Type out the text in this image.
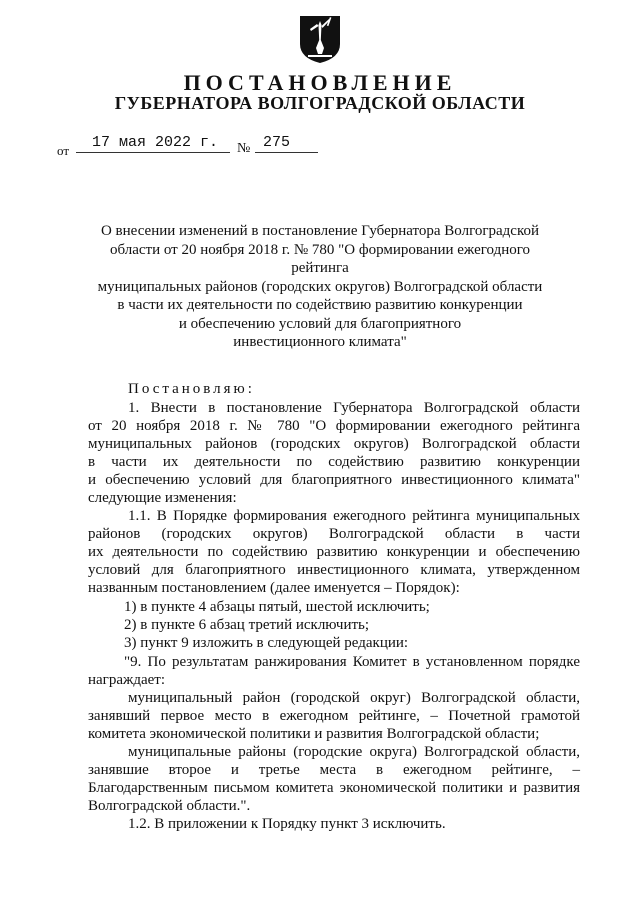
ПОСТАНОВЛЕНИЕ
ГУБЕРНАТОРА ВОЛГОГРАДСКОЙ ОБЛАСТИ
от	17 мая 2022 г.	№ 275
О внесении изменений в постановление Губернатора Волгоградской
области от 20 ноября 2018 г. № 780 "О формировании ежегодного рейтинга
муниципальных районов (городских округов) Волгоградской области
в части их деятельности по содействию развитию конкуренции
и обеспечению условий для благоприятного
инвестиционного климата"
Постановляю:
1. Внести в постановление Губернатора Волгоградской области
от 20 ноября 2018 г. № 780 "О формировании ежегодного рейтинга
муниципальных районов (городских округов) Волгоградской области
в части их деятельности по содействию развитию конкуренции
и обеспечению условий для благоприятного инвестиционного климата"
следующие изменения:
1.1. В Порядке формирования ежегодного рейтинга муниципальных
районов (городских округов) Волгоградской области в части
их деятельности по содействию развитию конкуренции и обеспечению
условий для благоприятного инвестиционного климата, утвержденном
названным постановлением (далее именуется – Порядок):
1) в пункте 4 абзацы пятый, шестой исключить;
2) в пункте 6 абзац третий исключить;
3) пункт 9 изложить в следующей редакции:
"9. По результатам ранжирования Комитет в установленном порядке
награждает:
муниципальный район (городской округ) Волгоградской области,
занявший первое место в ежегодном рейтинге, – Почетной грамотой
комитета экономической политики и развития Волгоградской области;
муниципальные районы (городские округа) Волгоградской области,
занявшие второе и третье места в ежегодном рейтинге, –
Благодарственным письмом комитета экономической политики и развития
Волгоградской области.".
1.2. В приложении к Порядку пункт 3 исключить.
